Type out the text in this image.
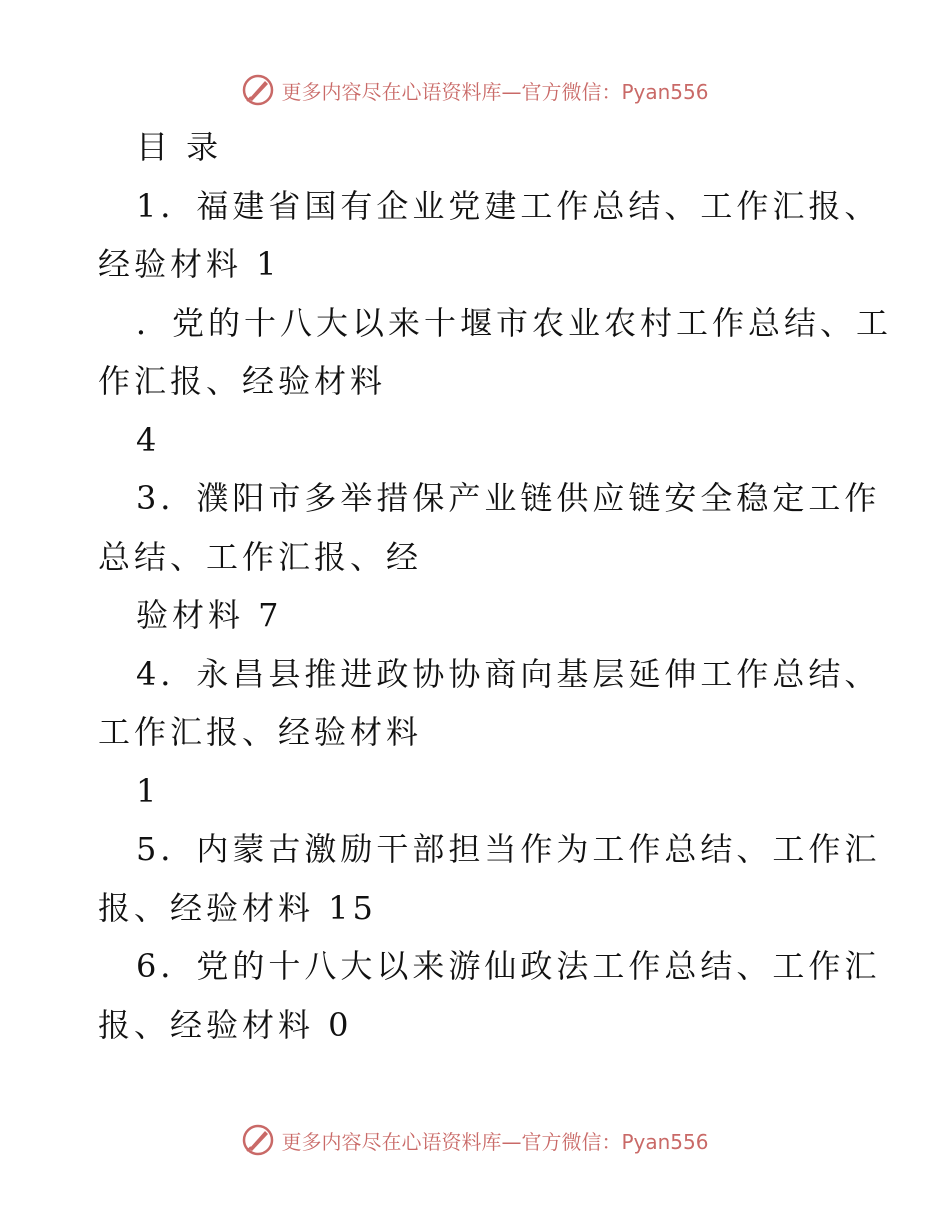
更多内容尽在心语资料库—官方微信：Pyan556
目 录
1．福建省国有企业党建工作总结、工作汇报、
经验材料 1
．党的十八大以来十堰市农业农村工作总结、工
作汇报、经验材料
4
3．濮阳市多举措保产业链供应链安全稳定工作
总结、工作汇报、经
验材料 7
4．永昌县推进政协协商向基层延伸工作总结、
工作汇报、经验材料
1
5．内蒙古激励干部担当作为工作总结、工作汇
报、经验材料 15
6．党的十八大以来游仙政法工作总结、工作汇
报、经验材料 0
更多内容尽在心语资料库—官方微信：Pyan556
